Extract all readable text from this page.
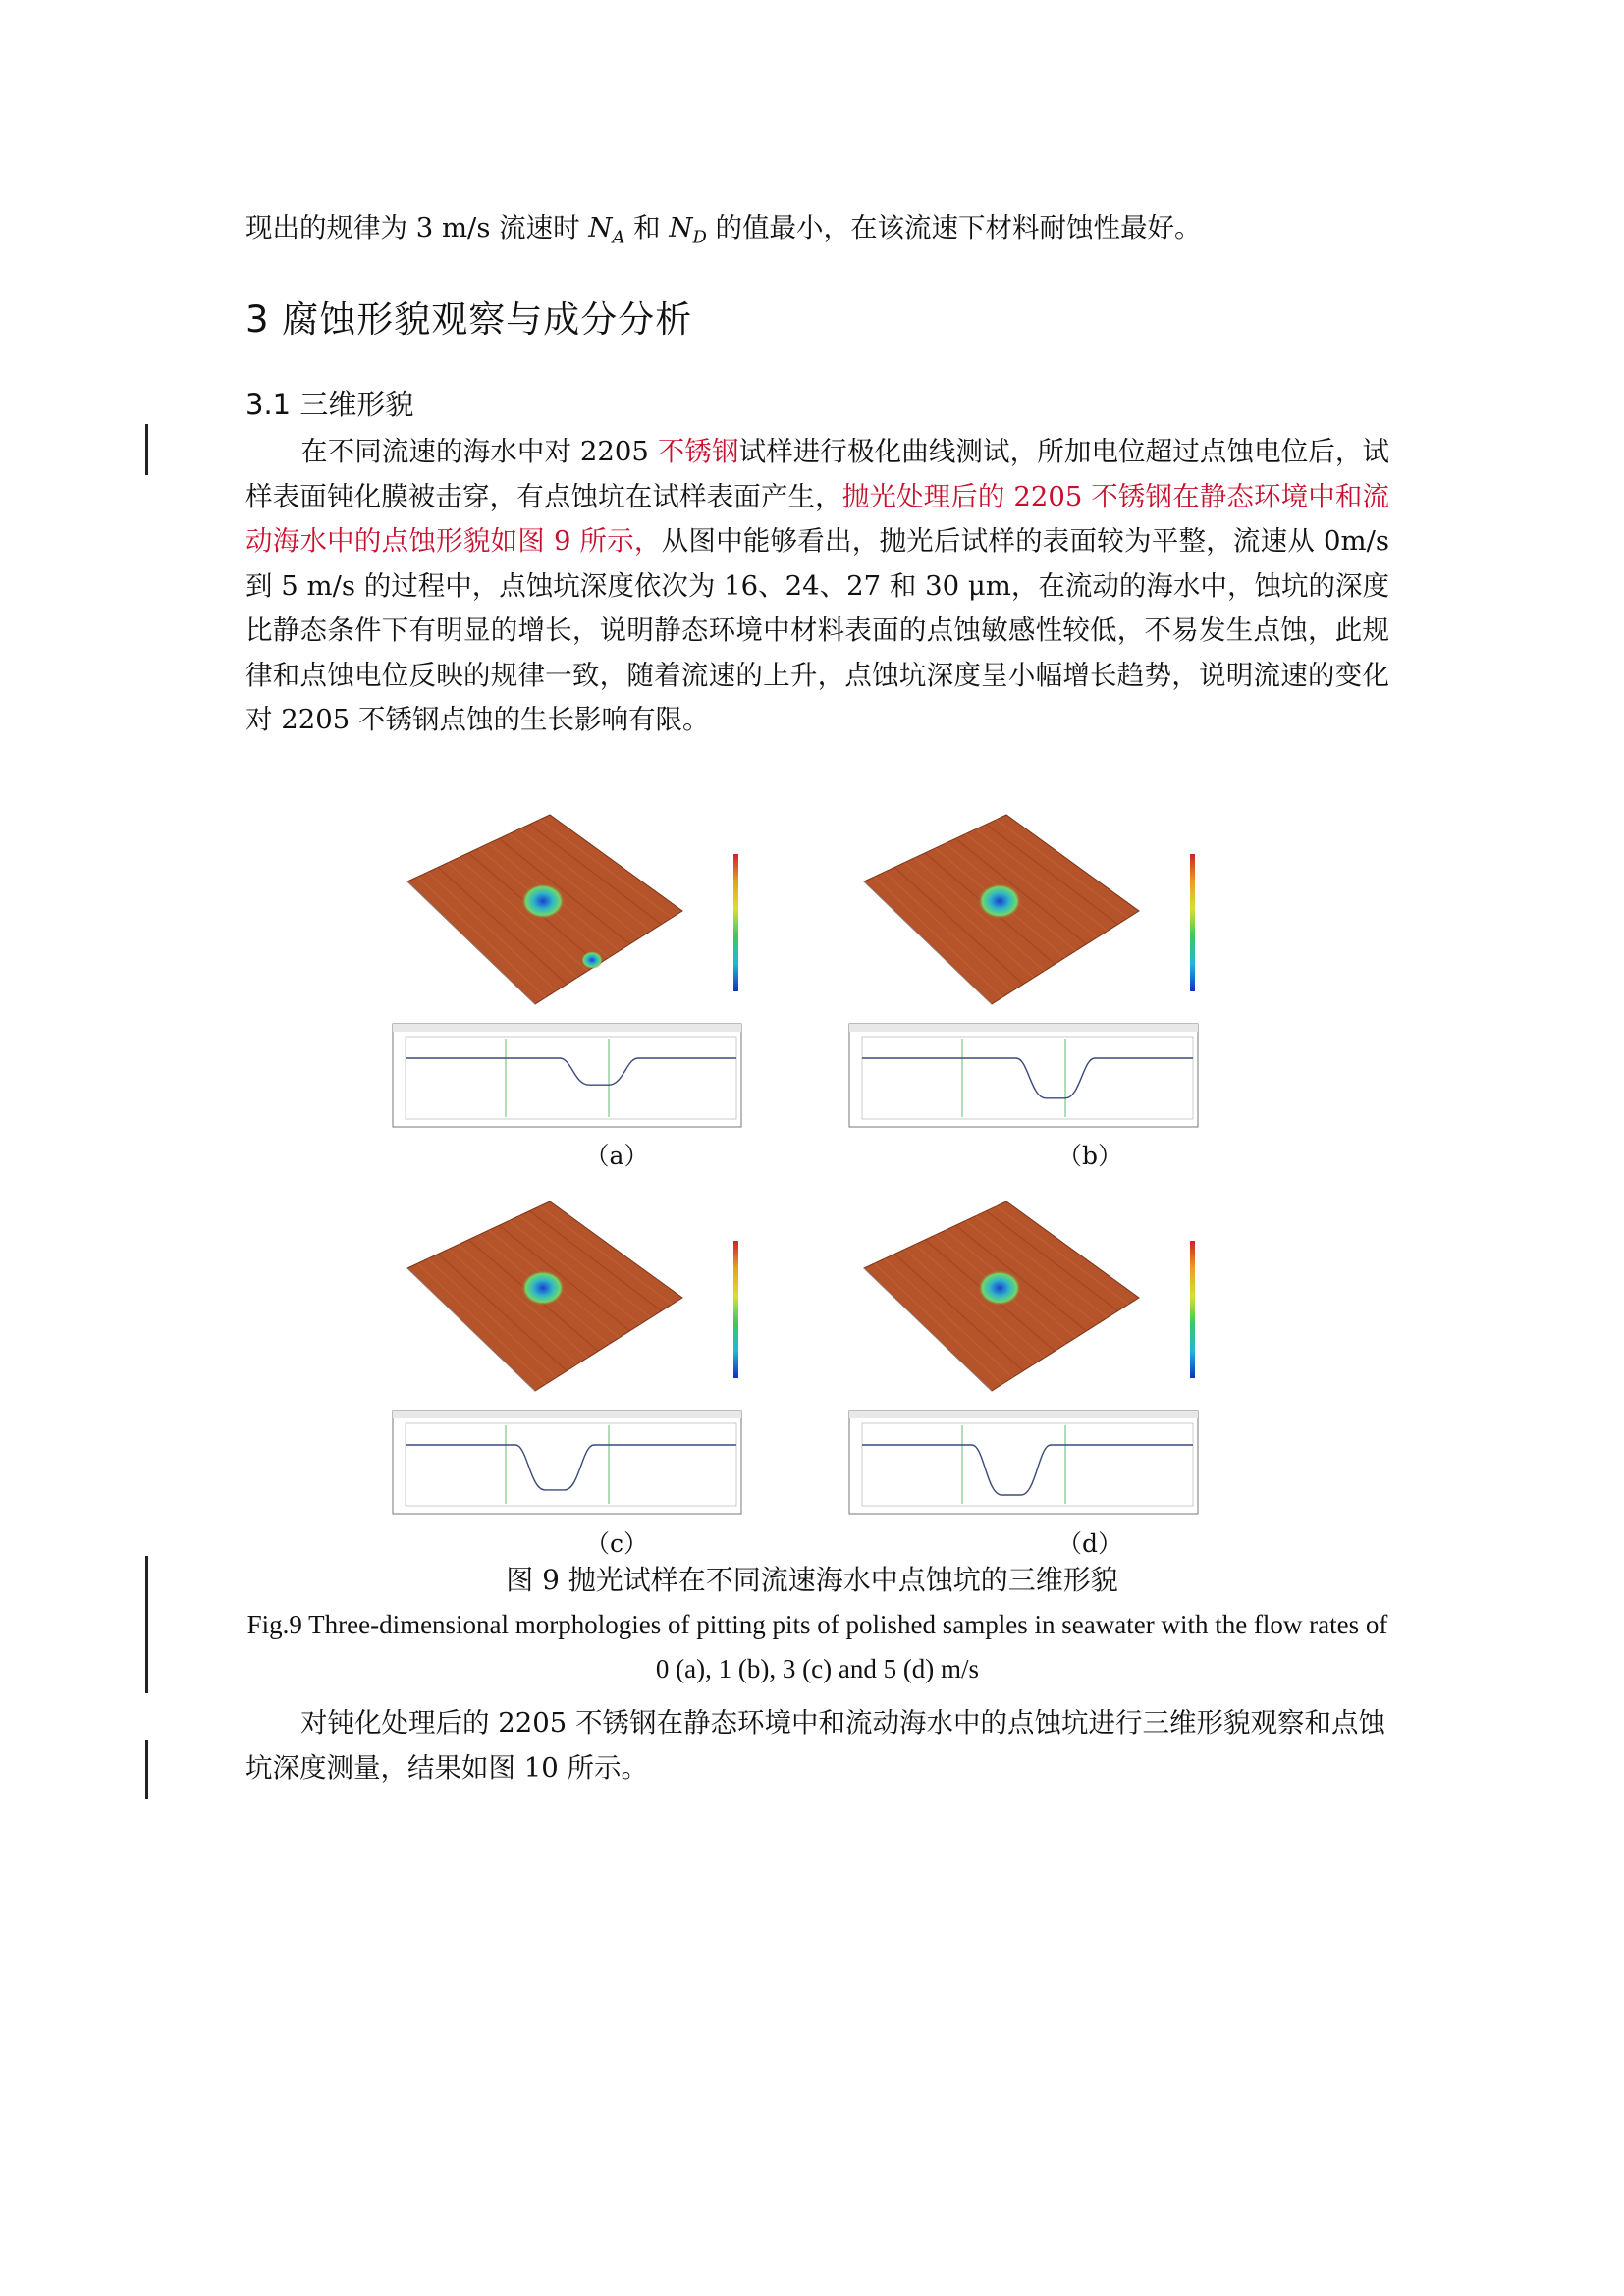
现出的规律为 3 m/s 流速时 $N_A$ 和 $N_D$ 的值最小，在该流速下材料耐蚀性最好。
3 腐蚀形貌观察与成分分析
3.1 三维形貌
在不同流速的海水中对 2205 不锈钢试样进行极化曲线测试，所加电位超过点蚀电位后，试样表面钝化膜被击穿，有点蚀坑在试样表面产生，抛光处理后的 2205 不锈钢在静态环境中和流动海水中的点蚀形貌如图 9 所示，从图中能够看出，抛光后试样的表面较为平整，流速从 0m/s 到 5 m/s 的过程中，点蚀坑深度依次为 16、24、27 和 30 μm，在流动的海水中，蚀坑的深度比静态条件下有明显的增长，说明静态环境中材料表面的点蚀敏感性较低，不易发生点蚀，此规律和点蚀电位反映的规律一致，随着流速的上升，点蚀坑深度呈小幅增长趋势，说明流速的变化对 2205 不锈钢点蚀的生长影响有限。
（a）	（b）
（c）	（d）
图 9 抛光试样在不同流速海水中点蚀坑的三维形貌
Fig.9 Three-dimensional morphologies of pitting pits of polished samples in seawater with the flow rates of 0 (a), 1 (b), 3 (c) and 5 (d) m/s
对钝化处理后的 2205 不锈钢在静态环境中和流动海水中的点蚀坑进行三维形貌观察和点蚀坑深度测量，结果如图 10 所示。
